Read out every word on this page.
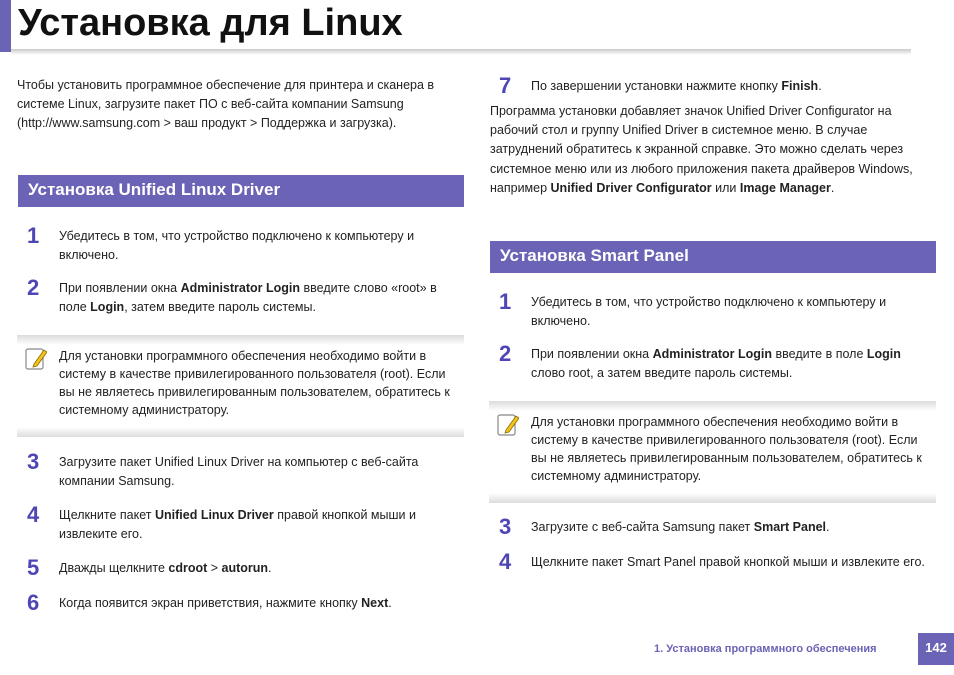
Установка для Linux

Чтобы установить программное обеспечение для принтера и сканера в системе Linux, загрузите пакет ПО с веб-сайта компании Samsung (http://www.samsung.com > ваш продукт > Поддержка и загрузка).

Установка Unified Linux Driver
1 Убедитесь в том, что устройство подключено к компьютеру и включено.
2 При появлении окна Administrator Login введите слово «root» в поле Login, затем введите пароль системы.
Для установки программного обеспечения необходимо войти в систему в качестве привилегированного пользователя (root). Если вы не являетесь привилегированным пользователем, обратитесь к системному администратору.
3 Загрузите пакет Unified Linux Driver на компьютер с веб-сайта компании Samsung.
4 Щелкните пакет Unified Linux Driver правой кнопкой мыши и извлеките его.
5 Дважды щелкните cdroot > autorun.
6 Когда появится экран приветствия, нажмите кнопку Next.
7 По завершении установки нажмите кнопку Finish.

Программа установки добавляет значок Unified Driver Configurator на рабочий стол и группу Unified Driver в системное меню. В случае затруднений обратитесь к экранной справке. Это можно сделать через системное меню или из любого приложения пакета драйверов Windows, например Unified Driver Configurator или Image Manager.

Установка Smart Panel
1 Убедитесь в том, что устройство подключено к компьютеру и включено.
2 При появлении окна Administrator Login введите в поле Login слово root, а затем введите пароль системы.
Для установки программного обеспечения необходимо войти в систему в качестве привилегированного пользователя (root). Если вы не являетесь привилегированным пользователем, обратитесь к системному администратору.
3 Загрузите с веб-сайта Samsung пакет Smart Panel.
4 Щелкните пакет Smart Panel правой кнопкой мыши и извлеките его.
1. Установка программного обеспечения	142
